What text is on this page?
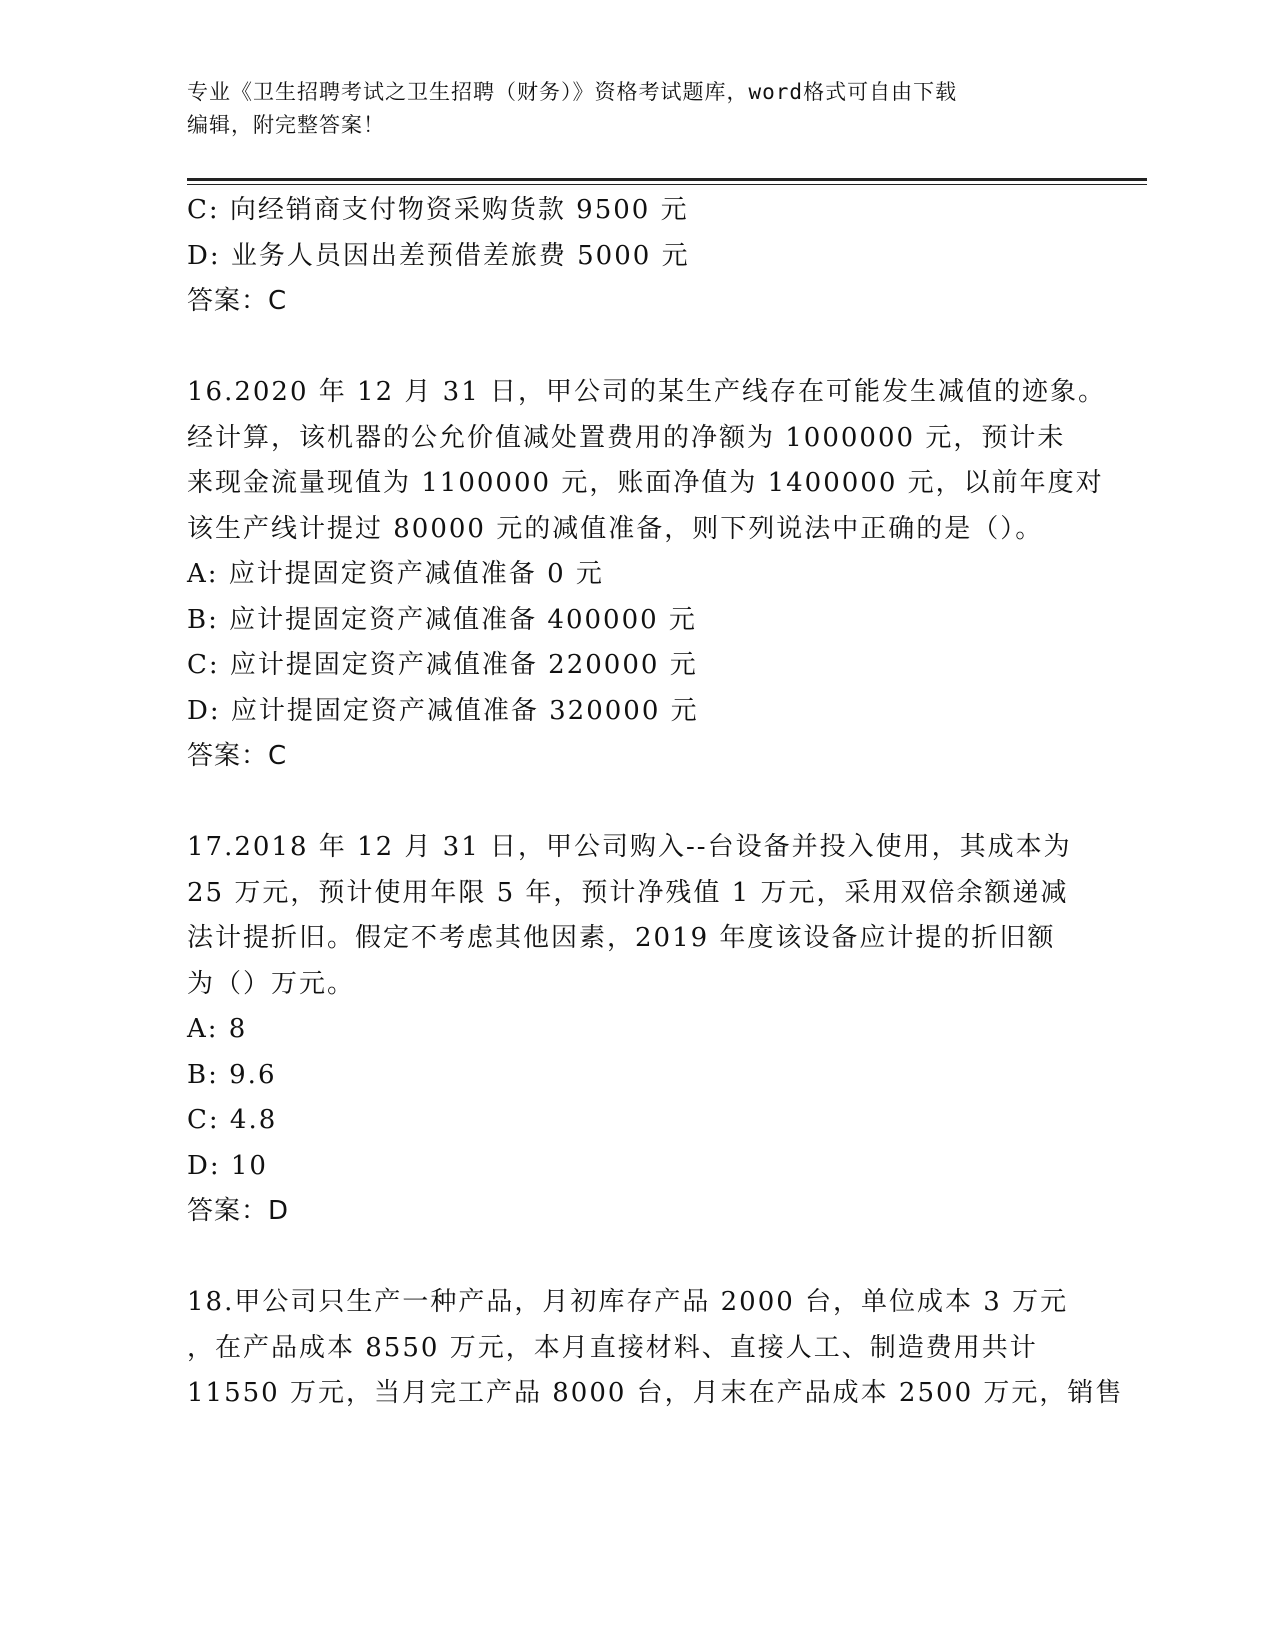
专业《卫生招聘考试之卫生招聘（财务）》资格考试题库，word格式可自由下载
编辑，附完整答案！
C: 向经销商支付物资采购货款 9500 元
D: 业务人员因出差预借差旅费 5000 元
答案：C
16.2020 年 12 月 31 日，甲公司的某生产线存在可能发生减值的迹象。
经计算，该机器的公允价值减处置费用的净额为 1000000 元，预计未
来现金流量现值为 1100000 元，账面净值为 1400000 元，以前年度对
该生产线计提过 80000 元的减值准备，则下列说法中正确的是（）。
A: 应计提固定资产减值准备 0 元
B: 应计提固定资产减值准备 400000 元
C: 应计提固定资产减值准备 220000 元
D: 应计提固定资产减值准备 320000 元
答案：C
17.2018 年 12 月 31 日，甲公司购入--台设备并投入使用，其成本为
25 万元，预计使用年限 5 年，预计净残值 1 万元，采用双倍余额递减
法计提折旧。假定不考虑其他因素，2019 年度该设备应计提的折旧额
为（）万元。
A: 8
B: 9.6
C: 4.8
D: 10
答案：D
18.甲公司只生产一种产品，月初库存产品 2000 台，单位成本 3 万元
，在产品成本 8550 万元，本月直接材料、直接人工、制造费用共计
11550 万元，当月完工产品 8000 台，月末在产品成本 2500 万元，销售
